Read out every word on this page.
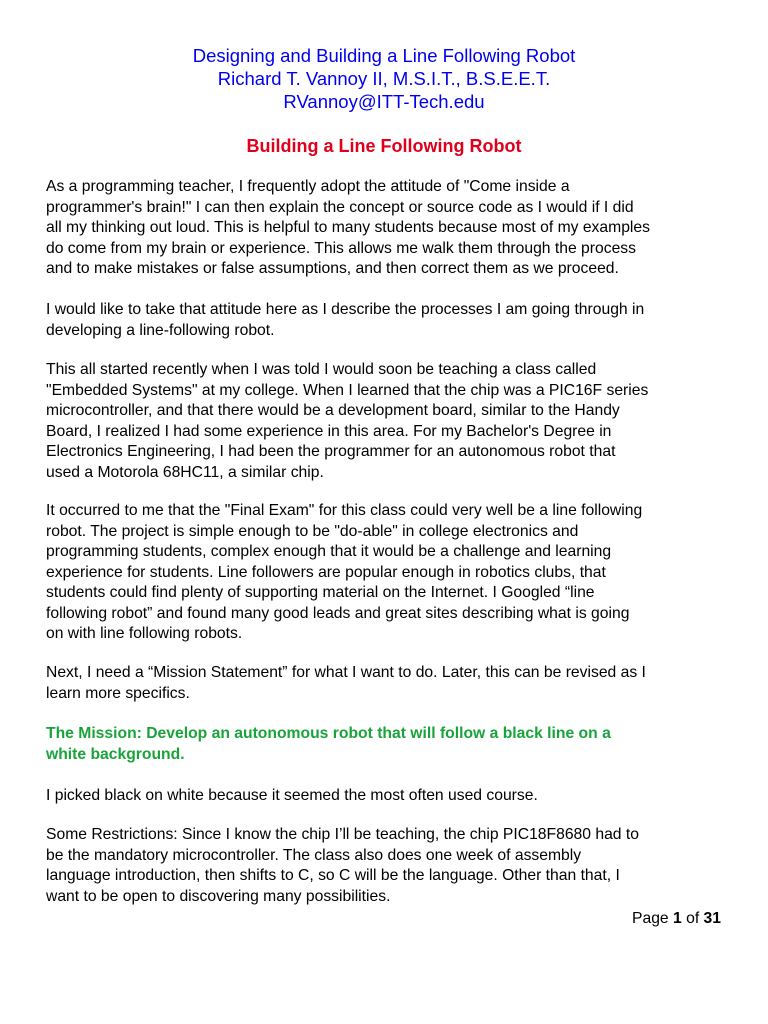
Designing and Building a Line Following Robot
Richard T. Vannoy II, M.S.I.T., B.S.E.E.T.
RVannoy@ITT-Tech.edu
Building a Line Following Robot

As a programming teacher, I frequently adopt the attitude of "Come inside a
programmer's brain!" I can then explain the concept or source code as I would if I did
all my thinking out loud. This is helpful to many students because most of my examples
do come from my brain or experience. This allows me walk them through the process
and to make mistakes or false assumptions, and then correct them as we proceed.

I would like to take that attitude here as I describe the processes I am going through in
developing a line-following robot.

This all started recently when I was told I would soon be teaching a class called
"Embedded Systems" at my college. When I learned that the chip was a PIC16F series
microcontroller, and that there would be a development board, similar to the Handy
Board, I realized I had some experience in this area. For my Bachelor's Degree in
Electronics Engineering, I had been the programmer for an autonomous robot that
used a Motorola 68HC11, a similar chip.

It occurred to me that the "Final Exam" for this class could very well be a line following
robot. The project is simple enough to be "do-able" in college electronics and
programming students, complex enough that it would be a challenge and learning
experience for students. Line followers are popular enough in robotics clubs, that
students could find plenty of supporting material on the Internet. I Googled “line
following robot” and found many good leads and great sites describing what is going
on with line following robots.

Next, I need a “Mission Statement” for what I want to do. Later, this can be revised as I
learn more specifics.

The Mission: Develop an autonomous robot that will follow a black line on a
white background.

I picked black on white because it seemed the most often used course.

Some Restrictions: Since I know the chip I’ll be teaching, the chip PIC18F8680 had to
be the mandatory microcontroller. The class also does one week of assembly
language introduction, then shifts to C, so C will be the language. Other than that, I
want to be open to discovering many possibilities.

Page 1 of 31
